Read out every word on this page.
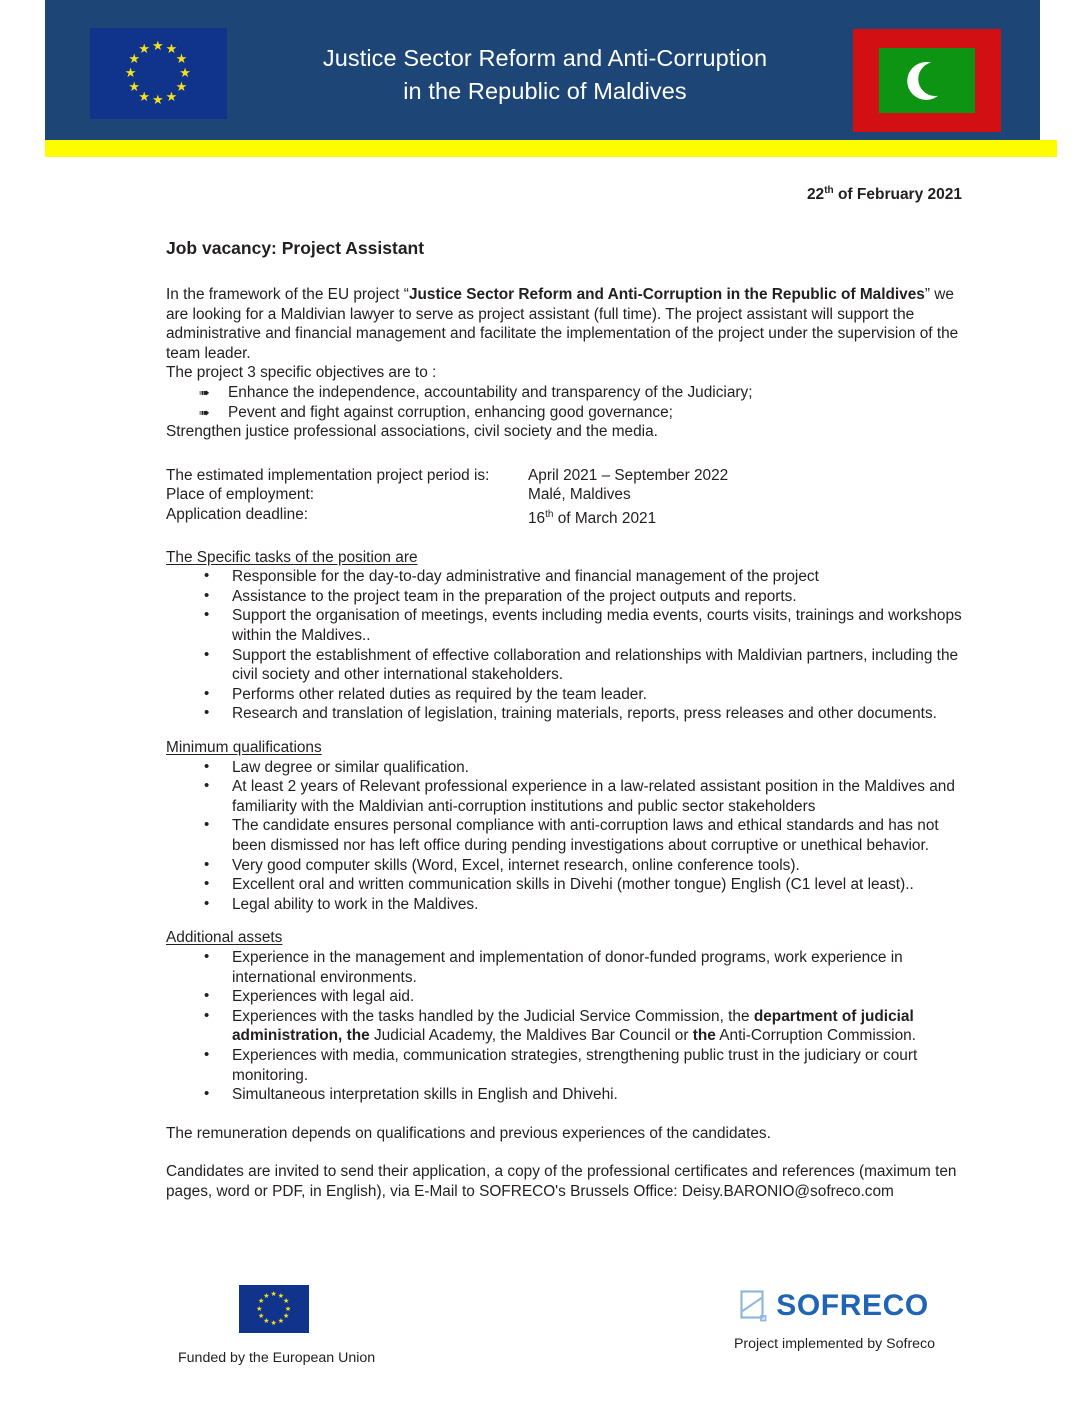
★ ★
★
★
★
★
★
★
★
★
★
★	Justice Sector Reform and Anti-Corruption
in the Republic of Maldives
22th of February 2021
Job vacancy: Project Assistant

In the framework of the EU project “Justice Sector Reform and Anti-Corruption in the Republic of Maldives” we are looking for a Maldivian lawyer to serve as project assistant (full time). The project assistant will support the administrative and financial management and facilitate the implementation of the project under the supervision of the team leader.

The project 3 specific objectives are to :

➠ Enhance the independence, accountability and transparency of the Judiciary;
➠ Pevent and fight against corruption, enhancing good governance;

Strengthen justice professional associations, civil society and the media.

The estimated implementation project period is:	April 2021 – September 2022
Place of employment:	Malé, Maldives
Application deadline:	16th of March 2021

The Specific tasks of the position are

• Responsible for the day-to-day administrative and financial management of the project
• Assistance to the project team in the preparation of the project outputs and reports.
• Support the organisation of meetings, events including media events, courts visits, trainings and workshops within the Maldives..
• Support the establishment of effective collaboration and relationships with Maldivian partners, including the civil society and other international stakeholders.
• Performs other related duties as required by the team leader.
• Research and translation of legislation, training materials, reports, press releases and other documents.

Minimum qualifications

• Law degree or similar qualification.
• At least 2 years of Relevant professional experience in a law-related assistant position in the Maldives and familiarity with the Maldivian anti-corruption institutions and public sector stakeholders
• The candidate ensures personal compliance with anti-corruption laws and ethical standards and has not been dismissed nor has left office during pending investigations about corruptive or unethical behavior.
• Very good computer skills (Word, Excel, internet research, online conference tools).
• Excellent oral and written communication skills in Divehi (mother tongue) English (C1 level at least)..
• Legal ability to work in the Maldives.

Additional assets

• Experience in the management and implementation of donor-funded programs, work experience in international environments.
• Experiences with legal aid.
• Experiences with the tasks handled by the Judicial Service Commission, the department of judicial administration, the Judicial Academy, the Maldives Bar Council or the Anti-Corruption Commission.
• Experiences with media, communication strategies, strengthening public trust in the judiciary or court monitoring.
• Simultaneous interpretation skills in English and Dhivehi.

The remuneration depends on qualifications and previous experiences of the candidates.

Candidates are invited to send their application, a copy of the professional certificates and references (maximum ten pages, word or PDF, in English), via E-Mail to SOFRECO's Brussels Office: Deisy.BARONIO@sofreco.com

★ ★
★
★
★
★
★
★
★
★
★
★
Funded by the European Union
SOFRECO
Project implemented by Sofreco
